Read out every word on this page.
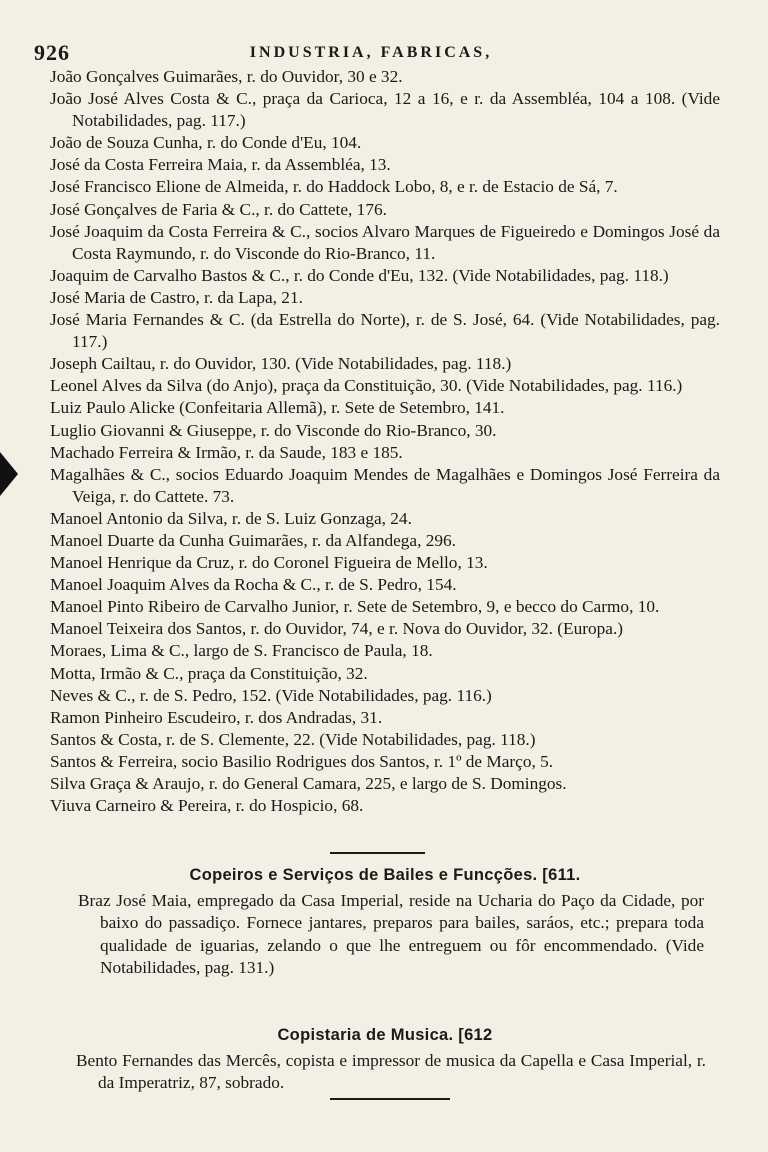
926	INDUSTRIA, FABRICAS,

João Gonçalves Guimarães, r. do Ouvidor, 30 e 32.

João José Alves Costa & C., praça da Carioca, 12 a 16, e r. da Assembléa, 104 a 108. (Vide Notabilidades, pag. 117.)

João de Souza Cunha, r. do Conde d'Eu, 104.

José da Costa Ferreira Maia, r. da Assembléa, 13.

José Francisco Elione de Almeida, r. do Haddock Lobo, 8, e r. de Estacio de Sá, 7.

José Gonçalves de Faria & C., r. do Cattete, 176.

José Joaquim da Costa Ferreira & C., socios Alvaro Marques de Figueiredo e Domingos José da Costa Raymundo, r. do Visconde do Rio-Branco, 11.

Joaquim de Carvalho Bastos & C., r. do Conde d'Eu, 132. (Vide Notabilidades, pag. 118.)

José Maria de Castro, r. da Lapa, 21.

José Maria Fernandes & C. (da Estrella do Norte), r. de S. José, 64. (Vide Notabilidades, pag. 117.)

Joseph Cailtau, r. do Ouvidor, 130. (Vide Notabilidades, pag. 118.)

Leonel Alves da Silva (do Anjo), praça da Constituição, 30. (Vide Notabilidades, pag. 116.)

Luiz Paulo Alicke (Confeitaria Allemã), r. Sete de Setembro, 141.

Luglio Giovanni & Giuseppe, r. do Visconde do Rio-Branco, 30.

Machado Ferreira & Irmão, r. da Saude, 183 e 185.

Magalhães & C., socios Eduardo Joaquim Mendes de Magalhães e Domingos José Ferreira da Veiga, r. do Cattete. 73.

Manoel Antonio da Silva, r. de S. Luiz Gonzaga, 24.

Manoel Duarte da Cunha Guimarães, r. da Alfandega, 296.

Manoel Henrique da Cruz, r. do Coronel Figueira de Mello, 13.

Manoel Joaquim Alves da Rocha & C., r. de S. Pedro, 154.

Manoel Pinto Ribeiro de Carvalho Junior, r. Sete de Setembro, 9, e becco do Carmo, 10.

Manoel Teixeira dos Santos, r. do Ouvidor, 74, e r. Nova do Ouvidor, 32. (Europa.)

Moraes, Lima & C., largo de S. Francisco de Paula, 18.

Motta, Irmão & C., praça da Constituição, 32.

Neves & C., r. de S. Pedro, 152. (Vide Notabilidades, pag. 116.)

Ramon Pinheiro Escudeiro, r. dos Andradas, 31.

Santos & Costa, r. de S. Clemente, 22. (Vide Notabilidades, pag. 118.)

Santos & Ferreira, socio Basilio Rodrigues dos Santos, r. 1º de Março, 5.

Silva Graça & Araujo, r. do General Camara, 225, e largo de S. Domingos.

Viuva Carneiro & Pereira, r. do Hospicio, 68.

Copeiros e Serviços de Bailes e Funcções. [611.

Braz José Maia, empregado da Casa Imperial, reside na Ucharia do Paço da Cidade, por baixo do passadiço. Fornece jantares, preparos para bailes, saráos, etc.; prepara toda qualidade de iguarias, zelando o que lhe entreguem ou fôr encommendado. (Vide Notabilidades, pag. 131.)

Copistaria de Musica. [612

Bento Fernandes das Mercês, copista e impressor de musica da Capella e Casa Imperial, r. da Imperatriz, 87, sobrado.
